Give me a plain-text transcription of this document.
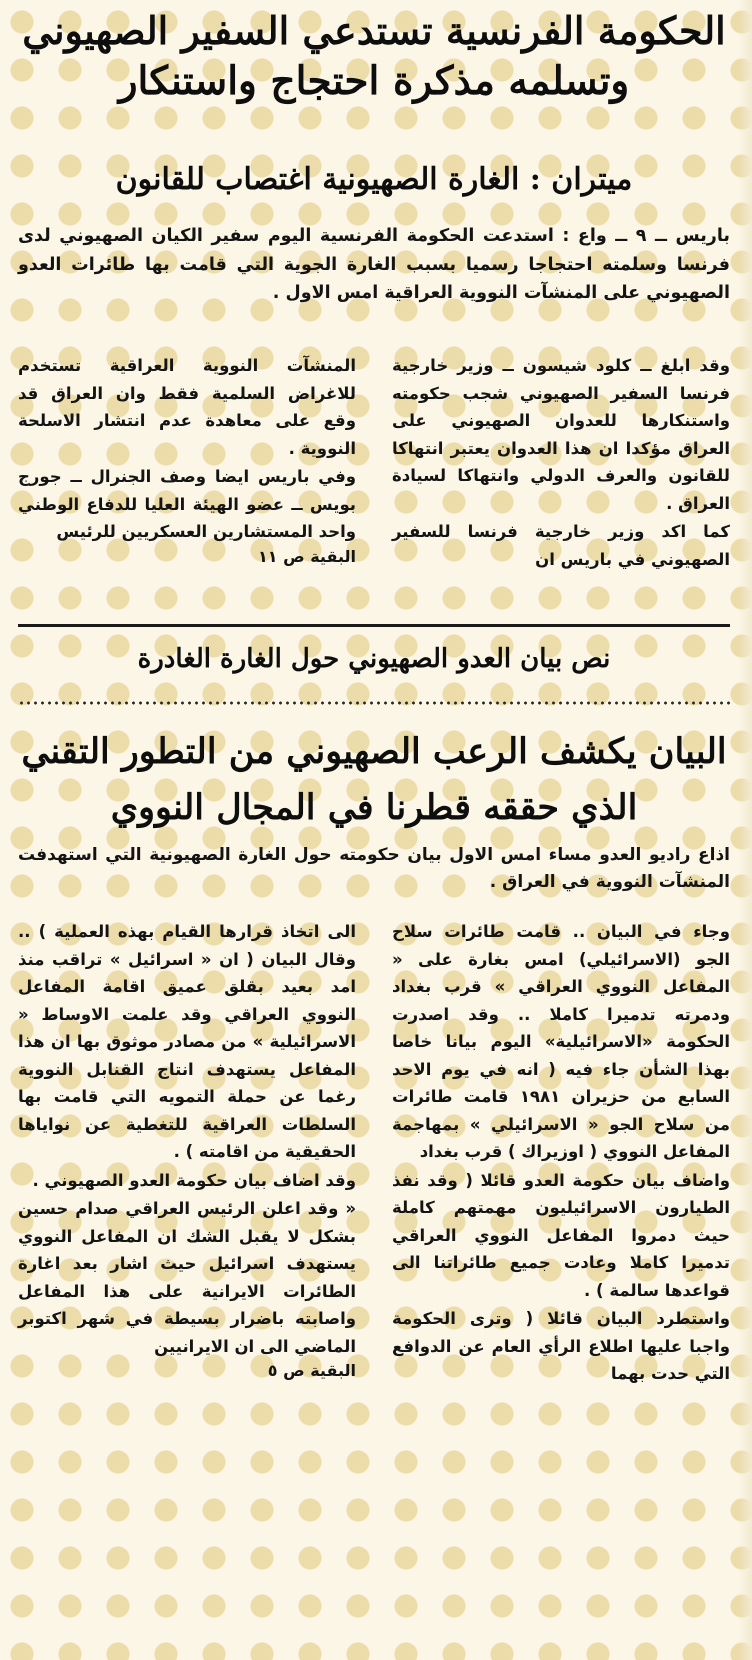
الحكومة الفرنسية تستدعي السفير الصهيوني
وتسلمه مذكرة احتجاج واستنكار
ميتران : الغارة الصهيونية اغتصاب للقانون

باريس ــ ٩ ــ واع : استدعت الحكومة الفرنسية اليوم سفير الكيان الصهيوني لدى فرنسا وسلمته احتجاجا رسميا بسبب الغارة الجوية التي قامت بها طائرات العدو الصهيوني على المنشآت النووية العراقية امس الاول .

وقد ابلغ ــ كلود شيسون ــ وزير خارجية فرنسا السفير الصهيوني شجب حكومته واستنكارها للعدوان الصهيوني على العراق مؤكدا ان هذا العدوان يعتبر انتهاكا للقانون والعرف الدولي وانتهاكا لسيادة العراق .

كما اكد وزير خارجية فرنسا للسفير الصهيوني في باريس ان

المنشآت النووية العراقية تستخدم للاغراض السلمية فقط وان العراق قد وقع على معاهدة عدم انتشار الاسلحة النووية .

وفي باريس ايضا وصف الجنرال ــ جورج بويس ــ عضو الهيئة العليا للدفاع الوطني واحد المستشارين العسكريين للرئيس

البقية ص ١١

نص بيان العدو الصهيوني حول الغارة الغادرة
البيان يكشف الرعب الصهيوني من التطور التقني
الذي حققه قطرنا في المجال النووي

اذاع راديو العدو مساء امس الاول بيان حكومته حول الغارة الصهيونية التي استهدفت المنشآت النووية في العراق .

وجاء في البيان .. قامت طائرات سلاح الجو (الاسرائيلي) امس بغارة على « المفاعل النووي العراقي » قرب بغداد ودمرته تدميرا كاملا .. وقد اصدرت الحكومة «الاسرائيلية» اليوم بيانا خاصا بهذا الشأن جاء فيه ( انه في يوم الاحد السابع من حزيران ١٩٨١ قامت طائرات من سلاح الجو « الاسرائيلي » بمهاجمة المفاعل النووي ( اوزيراك ) قرب بغداد

واضاف بيان حكومة العدو قائلا ( وقد نفذ الطيارون الاسرائيليون مهمتهم كاملة حيث دمروا المفاعل النووي العراقي تدميرا كاملا وعادت جميع طائراتنا الى قواعدها سالمة ) .

واستطرد البيان قائلا ( وترى الحكومة واجبا عليها اطلاع الرأي العام عن الدوافع التي حدت بهما

الى اتخاذ قرارها القيام بهذه العملية ) .. وقال البيان ( ان « اسرائيل » تراقب منذ امد بعيد بقلق عميق اقامة المفاعل النووي العراقي وقد علمت الاوساط « الاسرائيلية » من مصادر موثوق بها ان هذا المفاعل يستهدف انتاج القنابل النووية رغما عن حملة التمويه التي قامت بها السلطات العراقية للتغطية عن نواياها الحقيقية من اقامته ) .

وقد اضاف بيان حكومة العدو الصهيوني .

« وقد اعلن الرئيس العراقي صدام حسين بشكل لا يقبل الشك ان المفاعل النووي يستهدف اسرائيل حيث اشار بعد اغارة الطائرات الايرانية على هذا المفاعل واصابته باضرار بسيطة في شهر اكتوبر الماضي الى ان الايرانيين

البقية ص ٥
